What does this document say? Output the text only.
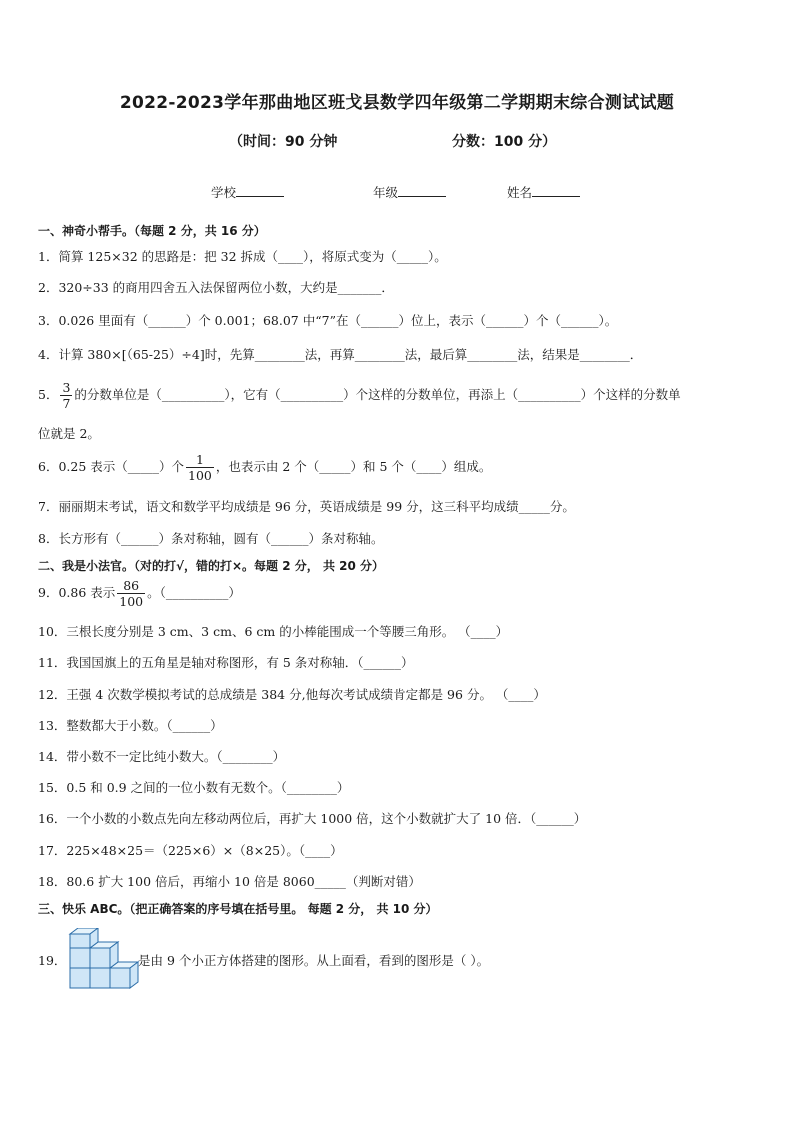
2022-2023学年那曲地区班戈县数学四年级第二学期期末综合测试试题
（时间：90 分钟	分数：100 分）
学校	年级	姓名
一、神奇小帮手。（每题 2 分，共 16 分）
1．简算 125×32 的思路是：把 32 拆成（____），将原式变为（_____）。
2．320÷33 的商用四舍五入法保留两位小数，大约是_______．
3．0.026 里面有（______）个 0.001；68.07 中“7”在（______）位上，表示（______）个（______）。
4．计算 380×[（65-25）÷4]时，先算________法，再算________法，最后算________法，结果是________．
5． $\frac{3}{7}$ 的分数单位是（__________），它有（__________）个这样的分数单位，再添上（__________）个这样的分数单
位就是 2。
6．0.25 表示（_____）个 $\frac{1}{100}$ ，也表示由 2 个（_____）和 5 个（____）组成。
7．丽丽期末考试，语文和数学平均成绩是 96 分，英语成绩是 99 分，这三科平均成绩_____分。
8．长方形有（______）条对称轴，圆有（______）条对称轴。
二、我是小法官。（对的打√，错的打×。每题 2 分， 共 20 分）
9．0.86 表示 $\frac{86}{100}$ 。（__________）
10．三根长度分别是 3 cm、3 cm、6 cm 的小棒能围成一个等腰三角形。 （____）
11．我国国旗上的五角星是轴对称图形，有 5 条对称轴．（______）
12．王强 4 次数学模拟考试的总成绩是 384 分,他每次考试成绩肯定都是 96 分。 （____）
13．整数都大于小数。（______）
14．带小数不一定比纯小数大。（________）
15．0.5 和 0.9 之间的一位小数有无数个。（________）
16．一个小数的小数点先向左移动两位后，再扩大 1000 倍，这个小数就扩大了 10 倍．（______）
17．225×48×25＝（225×6）×（8×25）。（____）
18．80.6 扩大 100 倍后，再缩小 10 倍是 8060_____（判断对错）
三、快乐 ABC。（把正确答案的序号填在括号里。 每题 2 分， 共 10 分）
19．	是由 9 个小正方体搭建的图形。从上面看，看到的图形是（ ）。
